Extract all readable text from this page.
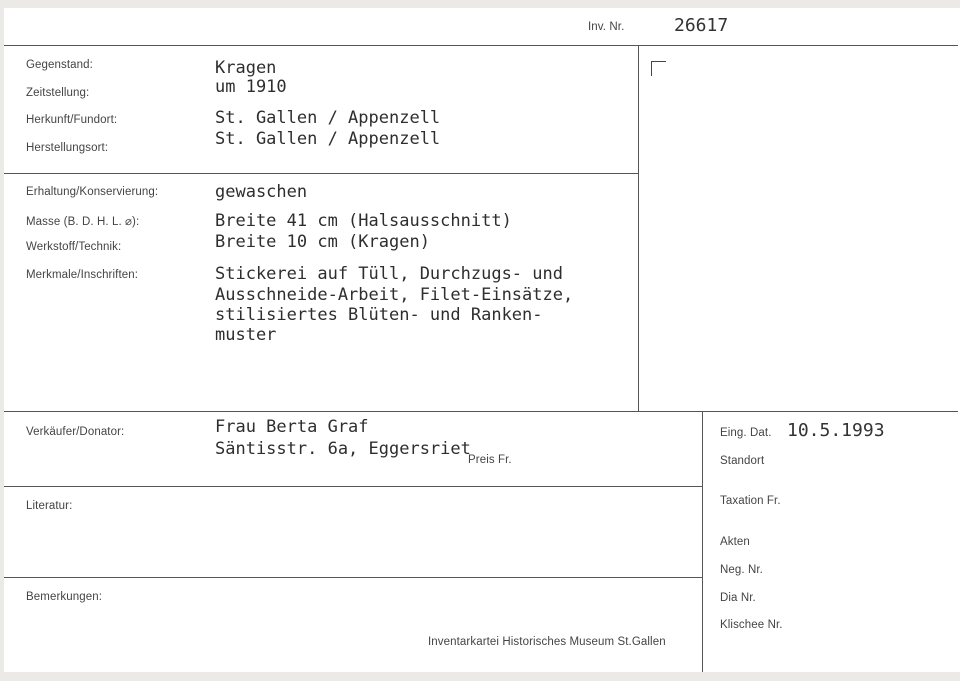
Inv. Nr.	26617
Gegenstand:
Zeitstellung:
Herkunft/Fundort:
Herstellungsort:
Kragen
um 1910
St. Gallen / Appenzell
St. Gallen / Appenzell
Erhaltung/Konservierung:
Masse (B. D. H. L. ⌀):
Werkstoff/Technik:
Merkmale/Inschriften:
gewaschen
Breite 41 cm (Halsausschnitt)
Breite 10 cm (Kragen)
Stickerei auf Tüll, Durchzugs- und
Ausschneide-Arbeit, Filet-Einsätze,
stilisiertes Blüten- und Ranken-
muster
Verkäufer/Donator:	Frau Berta Graf
Säntisstr. 6a, Eggersriet
Preis Fr.
Literatur:
Bemerkungen:
Inventarkartei Historisches Museum St.Gallen
Eing. Dat. 10.5.1993
Standort
Taxation Fr.
Akten
Neg. Nr.
Dia Nr.
Klischee Nr.
